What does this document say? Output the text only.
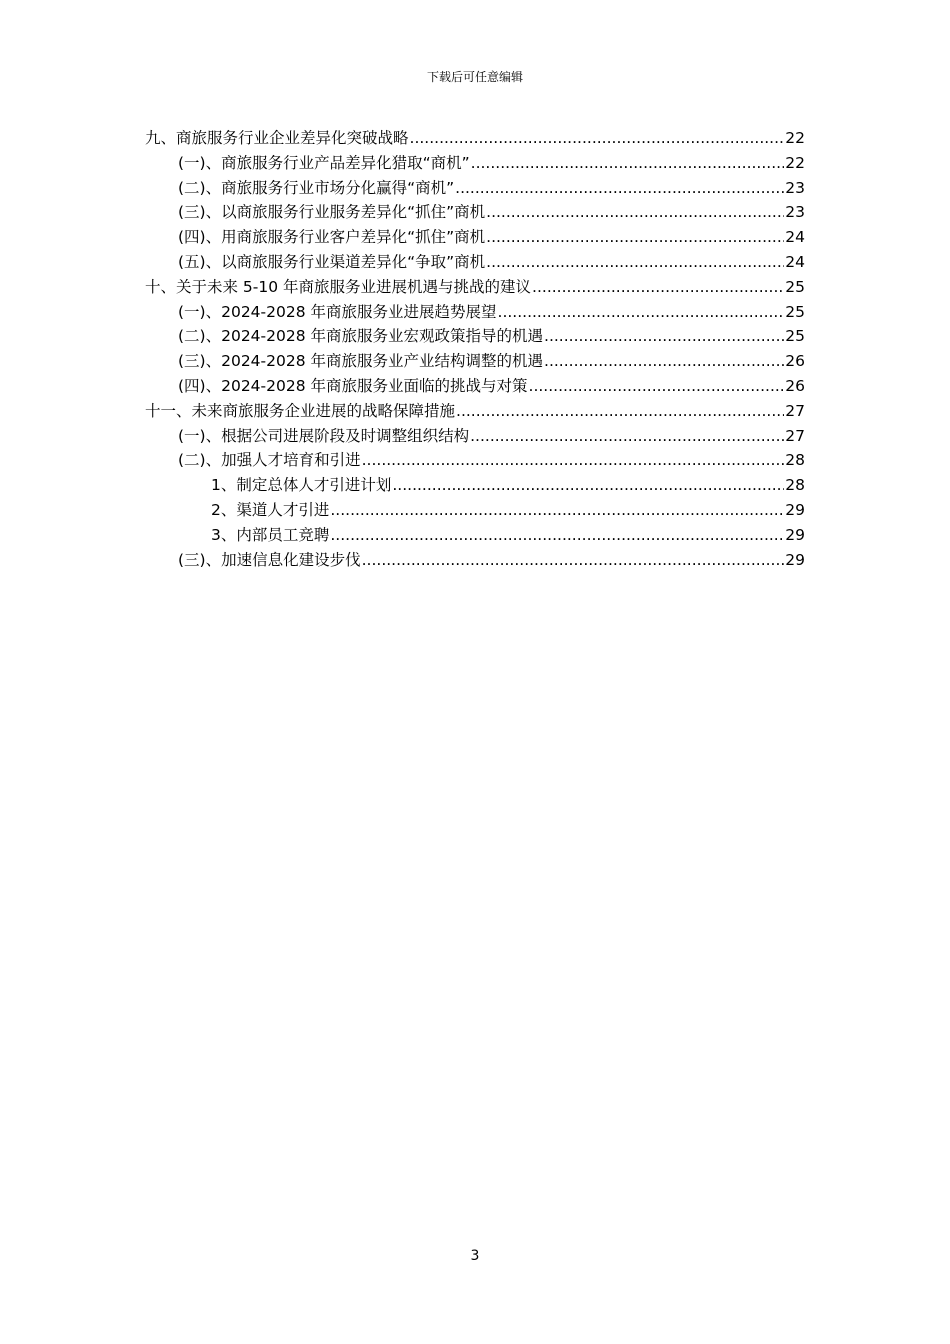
下载后可任意编辑
九、商旅服务行业企业差异化突破战略 .....	22
(一)、商旅服务行业产品差异化猎取“商机” .....	22
(二)、商旅服务行业市场分化赢得“商机” .....	23
(三)、以商旅服务行业服务差异化“抓住”商机 .....	23
(四)、用商旅服务行业客户差异化“抓住”商机 .....	24
(五)、以商旅服务行业渠道差异化“争取”商机 .....	24
十、关于未来 5-10 年商旅服务业进展机遇与挑战的建议 .....	25
(一)、2024-2028 年商旅服务业进展趋势展望 .....	25
(二)、2024-2028 年商旅服务业宏观政策指导的机遇 .....	25
(三)、2024-2028 年商旅服务业产业结构调整的机遇 .....	26
(四)、2024-2028 年商旅服务业面临的挑战与对策 .....	26
十一、未来商旅服务企业进展的战略保障措施 .....	27
(一)、根据公司进展阶段及时调整组织结构 .....	27
(二)、加强人才培育和引进 .....	28
1、制定总体人才引进计划 .....	28
2、渠道人才引进 .....	29
3、内部员工竞聘 .....	29
(三)、加速信息化建设步伐 .....	29
3
